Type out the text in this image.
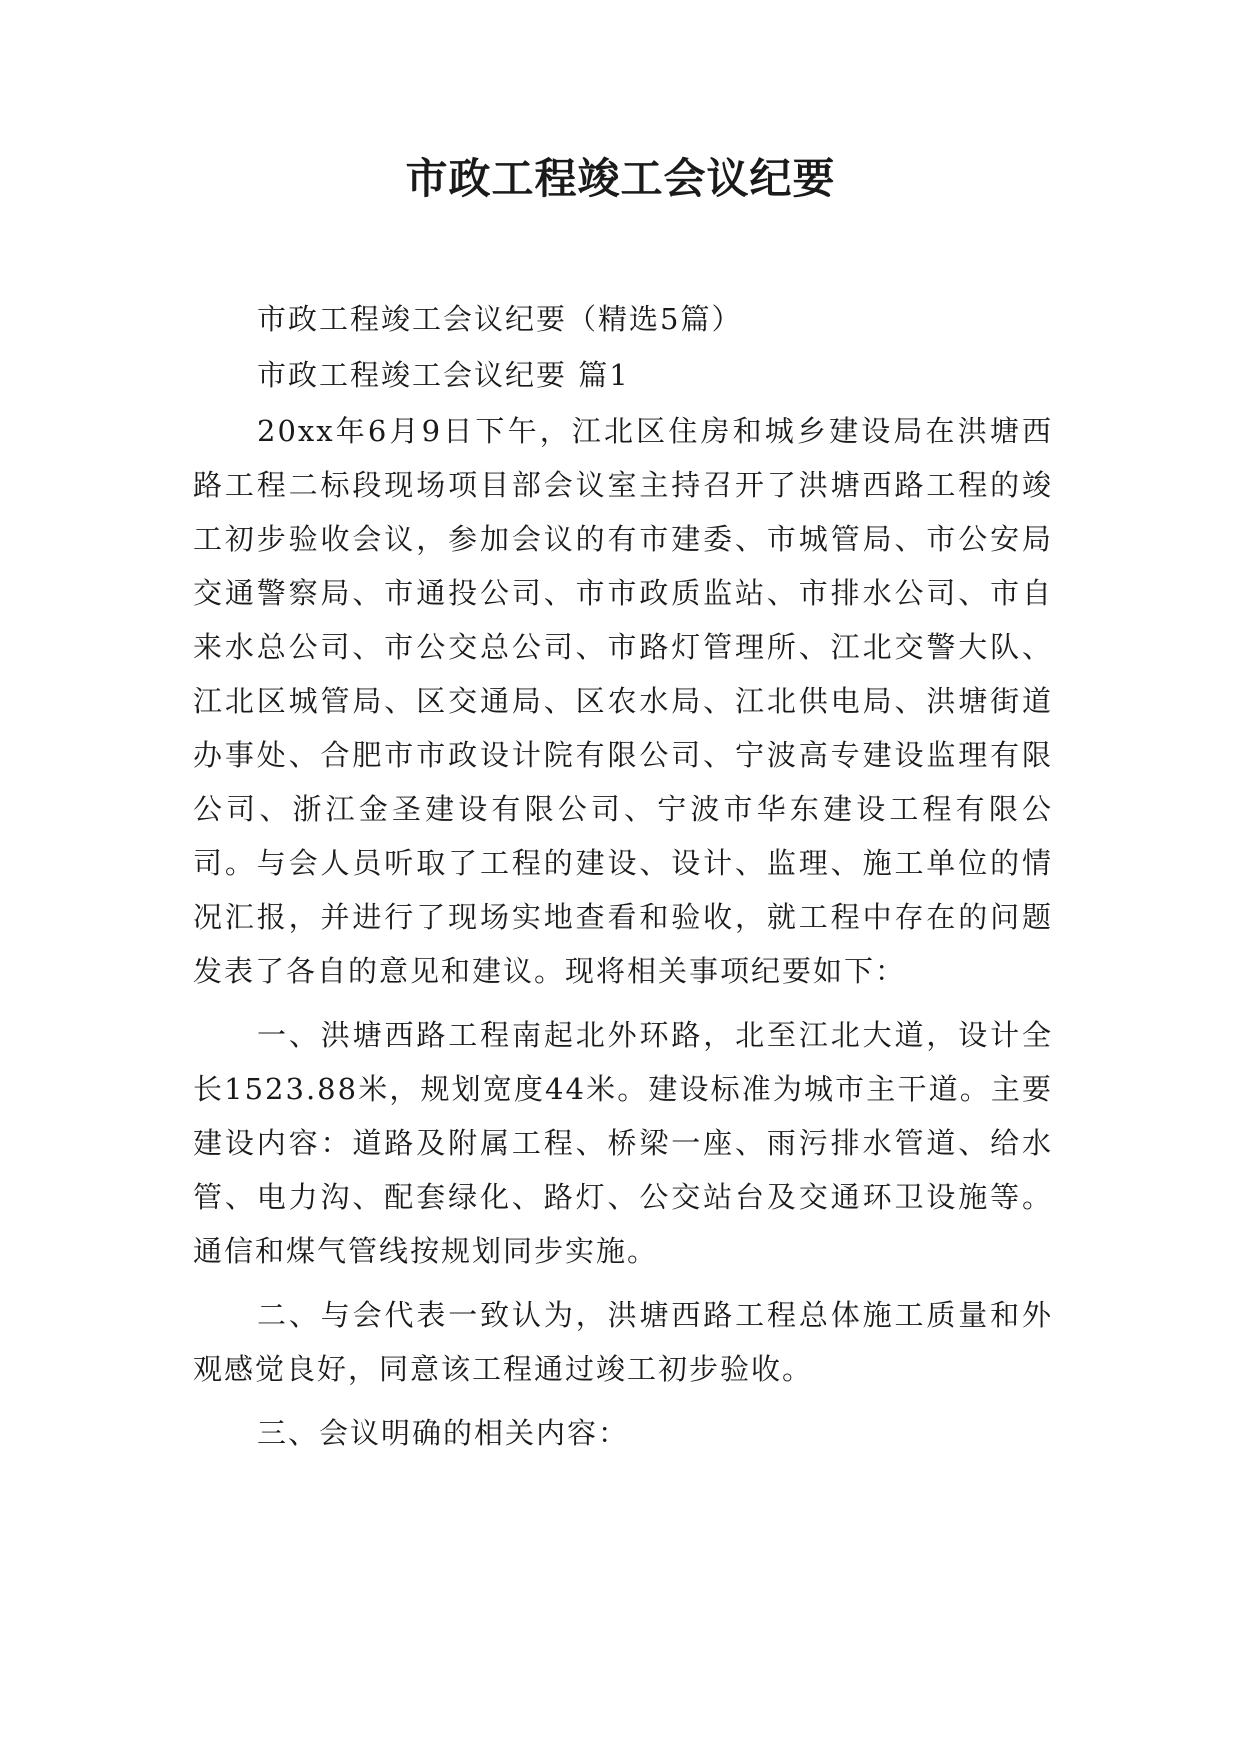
市政工程竣工会议纪要

市政工程竣工会议纪要（精选5篇）

市政工程竣工会议纪要 篇1

20xx年6月9日下午，江北区住房和城乡建设局在洪塘西路工程二标段现场项目部会议室主持召开了洪塘西路工程的竣工初步验收会议，参加会议的有市建委、市城管局、市公安局交通警察局、市通投公司、市市政质监站、市排水公司、市自来水总公司、市公交总公司、市路灯管理所、江北交警大队、江北区城管局、区交通局、区农水局、江北供电局、洪塘街道办事处、合肥市市政设计院有限公司、宁波高专建设监理有限公司、浙江金圣建设有限公司、宁波市华东建设工程有限公司。与会人员听取了工程的建设、设计、监理、施工单位的情况汇报，并进行了现场实地查看和验收，就工程中存在的问题发表了各自的意见和建议。现将相关事项纪要如下：

一、洪塘西路工程南起北外环路，北至江北大道，设计全长1523.88米，规划宽度44米。建设标准为城市主干道。主要建设内容：道路及附属工程、桥梁一座、雨污排水管道、给水管、电力沟、配套绿化、路灯、公交站台及交通环卫设施等。通信和煤气管线按规划同步实施。

二、与会代表一致认为，洪塘西路工程总体施工质量和外观感觉良好，同意该工程通过竣工初步验收。

三、会议明确的相关内容：
